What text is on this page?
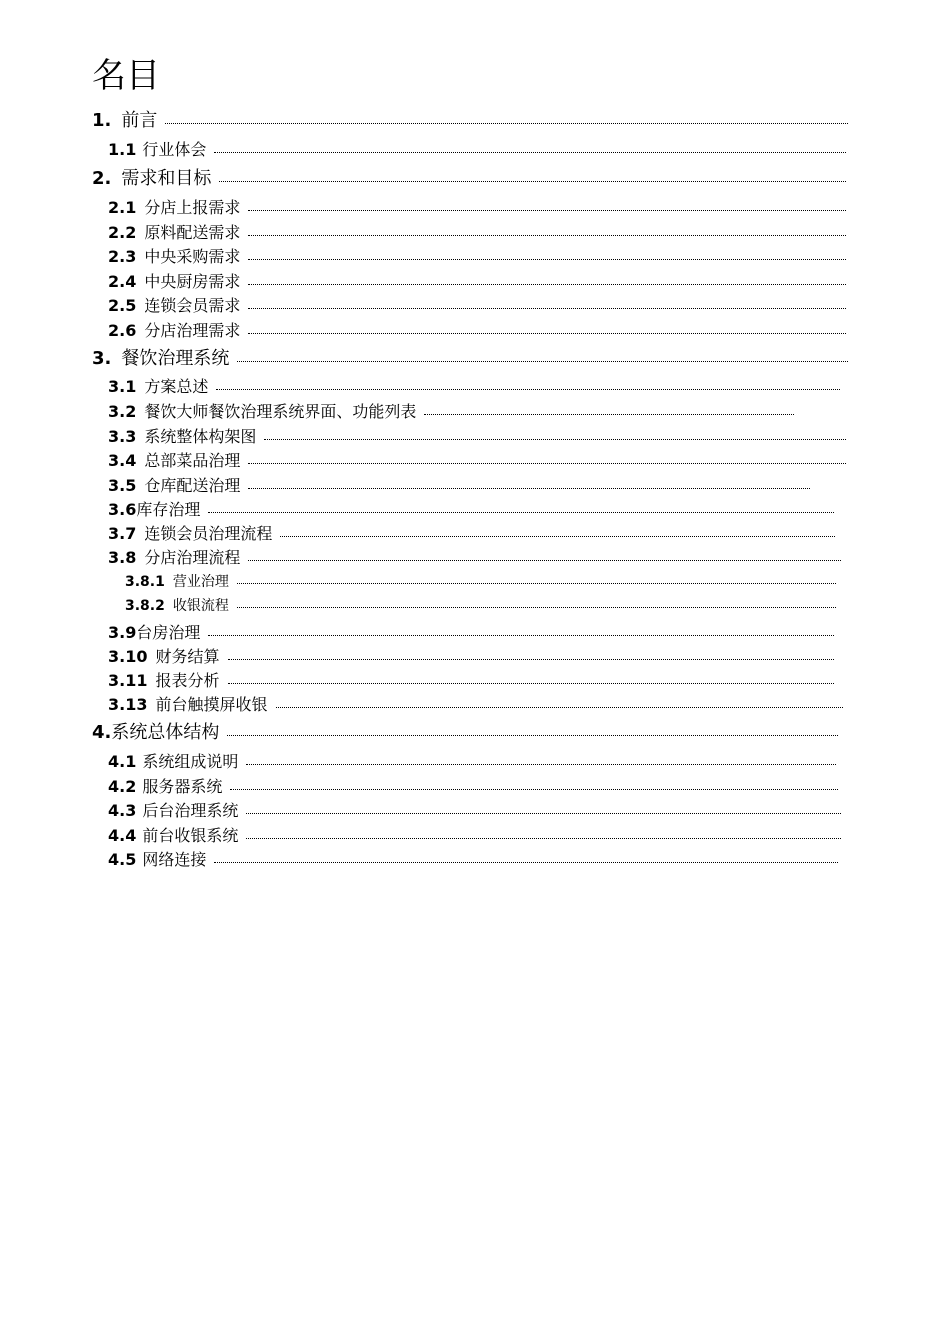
名目
1. 前言
1.1 行业体会
2. 需求和目标
2.1 分店上报需求
2.2 原料配送需求
2.3 中央采购需求
2.4 中央厨房需求
2.5 连锁会员需求
2.6 分店治理需求
3. 餐饮治理系统
3.1 方案总述
3.2 餐饮大师餐饮治理系统界面、功能列表
3.3 系统整体构架图
3.4 总部菜品治理
3.5 仓库配送治理
3.6 库存治理
3.7 连锁会员治理流程
3.8 分店治理流程
3.8.1 营业治理
3.8.2 收银流程
3.9 台房治理
3.10 财务结算
3.11 报表分析
3.13 前台触摸屏收银
4. 系统总体结构
4.1 系统组成说明
4.2 服务器系统
4.3 后台治理系统
4.4 前台收银系统
4.5 网络连接
